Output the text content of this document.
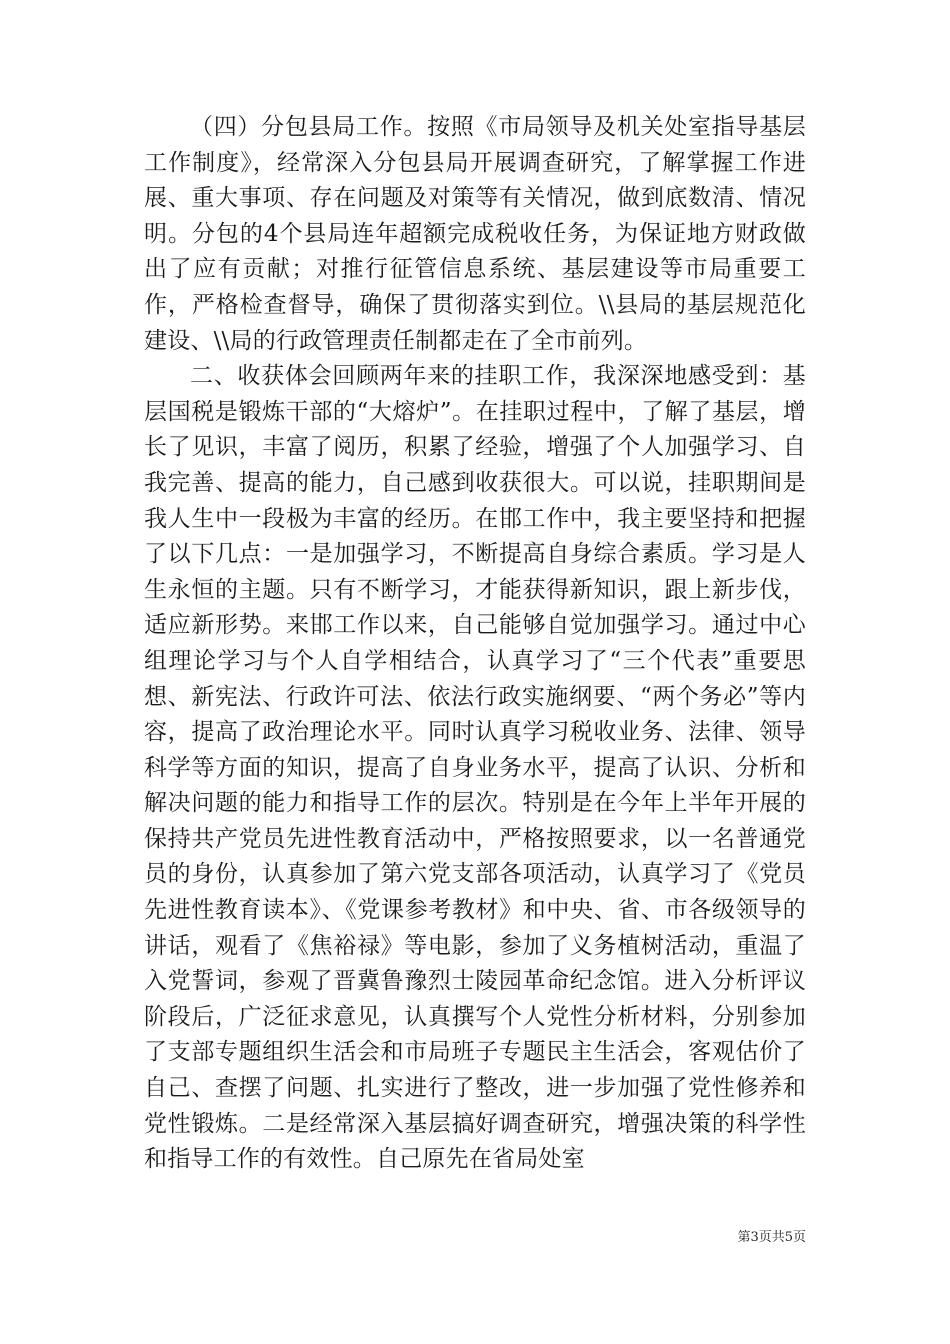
（四）分包县局工作。按照《市局领导及机关处室指导基层工作制度》，经常深入分包县局开展调查研究，了解掌握工作进展、重大事项、存在问题及对策等有关情况，做到底数清、情况明。分包的4个县局连年超额完成税收任务，为保证地方财政做出了应有贡献；对推行征管信息系统、基层建设等市局重要工作，严格检查督导，确保了贯彻落实到位。\\县局的基层规范化建设、\\局的行政管理责任制都走在了全市前列。

二、收获体会回顾两年来的挂职工作，我深深地感受到：基层国税是锻炼干部的“大熔炉”。在挂职过程中，了解了基层，增长了见识，丰富了阅历，积累了经验，增强了个人加强学习、自我完善、提高的能力，自己感到收获很大。可以说，挂职期间是我人生中一段极为丰富的经历。在邯工作中，我主要坚持和把握了以下几点：一是加强学习，不断提高自身综合素质。学习是人生永恒的主题。只有不断学习，才能获得新知识，跟上新步伐，适应新形势。来邯工作以来，自己能够自觉加强学习。通过中心组理论学习与个人自学相结合，认真学习了“三个代表”重要思想、新宪法、行政许可法、依法行政实施纲要、“两个务必”等内容，提高了政治理论水平。同时认真学习税收业务、法律、领导科学等方面的知识，提高了自身业务水平，提高了认识、分析和解决问题的能力和指导工作的层次。特别是在今年上半年开展的保持共产党员先进性教育活动中，严格按照要求，以一名普通党员的身份，认真参加了第六党支部各项活动，认真学习了《党员先进性教育读本》、《党课参考教材》和中央、省、市各级领导的讲话，观看了《焦裕禄》等电影，参加了义务植树活动，重温了入党誓词，参观了晋冀鲁豫烈士陵园革命纪念馆。进入分析评议阶段后，广泛征求意见，认真撰写个人党性分析材料，分别参加了支部专题组织生活会和市局班子专题民主生活会，客观估价了自己、查摆了问题、扎实进行了整改，进一步加强了党性修养和党性锻炼。二是经常深入基层搞好调查研究，增强决策的科学性和指导工作的有效性。自己原先在省局处室

第3页共5页
